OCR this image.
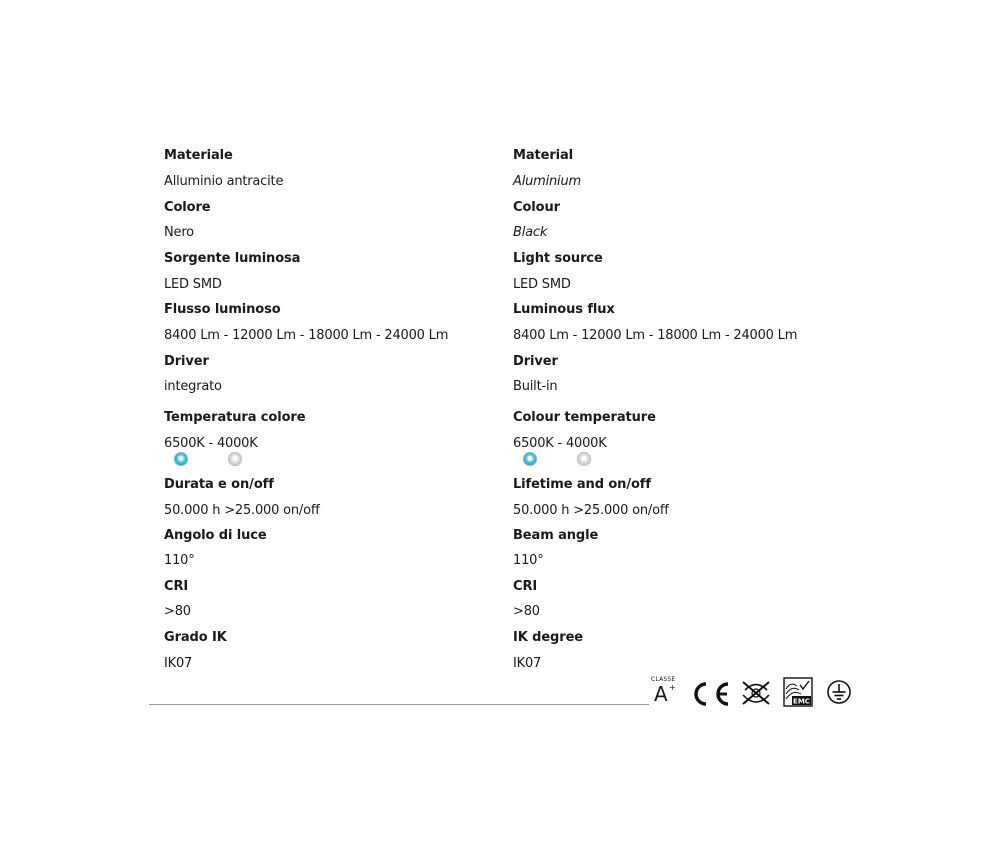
Materiale
Alluminio antracite
Colore
Nero
Sorgente luminosa
LED SMD
Flusso luminoso
8400 Lm - 12000 Lm - 18000 Lm - 24000 Lm
Driver
integrato
Temperatura colore
6500K - 4000K
Durata e on/off
50.000 h >25.000 on/off
Angolo di luce
110°
CRI
>80
Grado IK
IK07
Material
Aluminium
Colour
Black
Light source
LED SMD
Luminous flux
8400 Lm - 12000 Lm - 18000 Lm - 24000 Lm
Driver
Built-in
Colour temperature
6500K - 4000K
Lifetime and on/off
50.000 h >25.000 on/off
Beam angle
110°
CRI
>80
IK degree
IK07
CLASSE
A +
EMC
